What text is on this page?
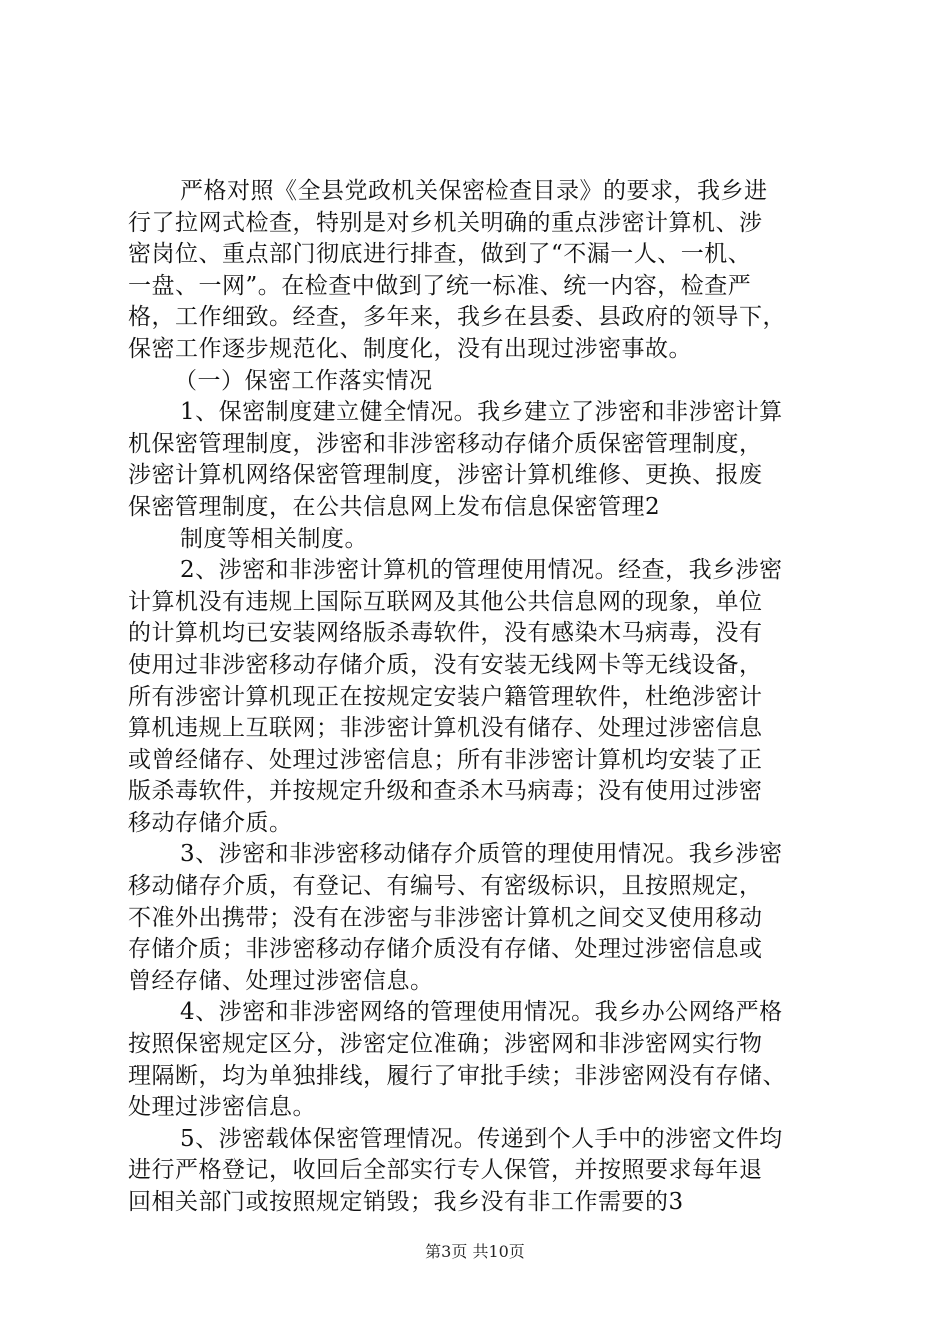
严格对照《全县党政机关保密检查目录》的要求，我乡进
行了拉网式检查，特别是对乡机关明确的重点涉密计算机、涉
密岗位、重点部门彻底进行排查，做到了“不漏一人、一机、
一盘、一网”。在检查中做到了统一标准、统一内容，检查严
格，工作细致。经查，多年来，我乡在县委、县政府的领导下，
保密工作逐步规范化、制度化，没有出现过涉密事故。
（一）保密工作落实情况
1、保密制度建立健全情况。我乡建立了涉密和非涉密计算
机保密管理制度，涉密和非涉密移动存储介质保密管理制度，
涉密计算机网络保密管理制度，涉密计算机维修、更换、报废
保密管理制度，在公共信息网上发布信息保密管理2
制度等相关制度。
2、涉密和非涉密计算机的管理使用情况。经查，我乡涉密
计算机没有违规上国际互联网及其他公共信息网的现象，单位
的计算机均已安装网络版杀毒软件，没有感染木马病毒，没有
使用过非涉密移动存储介质，没有安装无线网卡等无线设备，
所有涉密计算机现正在按规定安装户籍管理软件，杜绝涉密计
算机违规上互联网；非涉密计算机没有储存、处理过涉密信息
或曾经储存、处理过涉密信息；所有非涉密计算机均安装了正
版杀毒软件，并按规定升级和查杀木马病毒；没有使用过涉密
移动存储介质。
3、涉密和非涉密移动储存介质管的理使用情况。我乡涉密
移动储存介质，有登记、有编号、有密级标识，且按照规定，
不准外出携带；没有在涉密与非涉密计算机之间交叉使用移动
存储介质；非涉密移动存储介质没有存储、处理过涉密信息或
曾经存储、处理过涉密信息。
4、涉密和非涉密网络的管理使用情况。我乡办公网络严格
按照保密规定区分，涉密定位准确；涉密网和非涉密网实行物
理隔断，均为单独排线，履行了审批手续；非涉密网没有存储、
处理过涉密信息。
5、涉密载体保密管理情况。传递到个人手中的涉密文件均
进行严格登记，收回后全部实行专人保管，并按照要求每年退
回相关部门或按照规定销毁；我乡没有非工作需要的3
第3页 共10页
